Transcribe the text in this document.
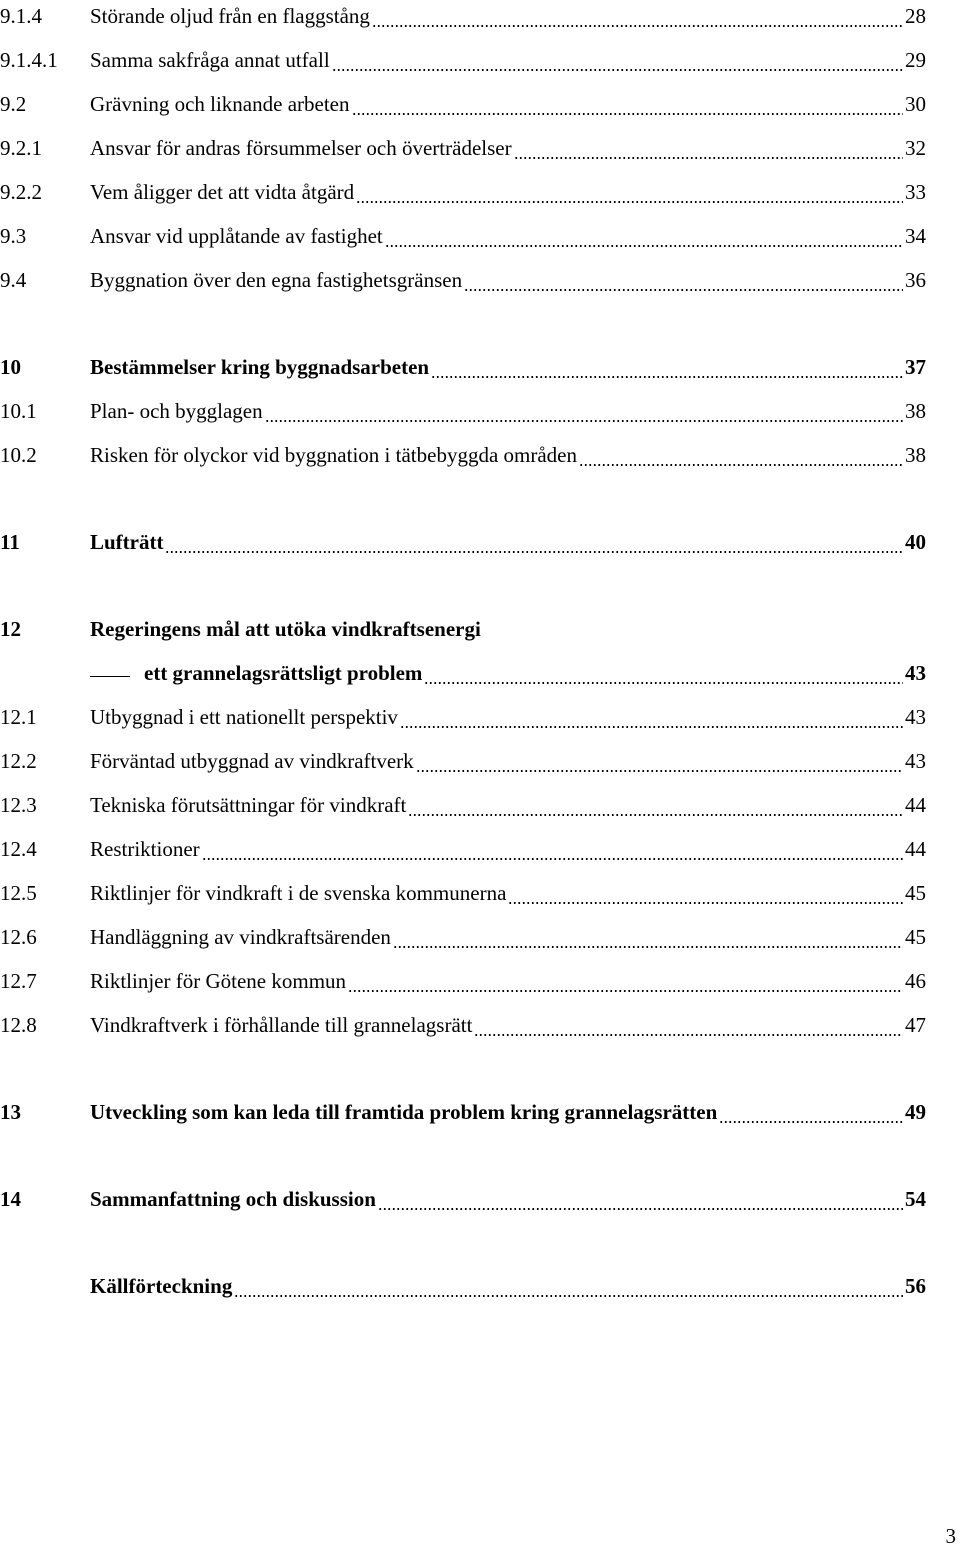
9.1.4	Störande oljud från en flaggstång	28
9.1.4.1	Samma sakfråga annat utfall	29
9.2	Grävning och liknande arbeten	30
9.2.1	Ansvar för andras försummelser och överträdelser	32
9.2.2	Vem åligger det att vidta åtgärd	33
9.3	Ansvar vid upplåtande av fastighet	34
9.4	Byggnation över den egna fastighetsgränsen	36
10	Bestämmelser kring byggnadsarbeten	37
10.1	Plan- och bygglagen	38
10.2	Risken för olyckor vid byggnation i tätbebyggda områden	38
11	Lufträtt	40
12	Regeringens mål att utöka vindkraftsenergi
ett grannelagsrättsligt problem	43
12.1	Utbyggnad i ett nationellt perspektiv	43
12.2	Förväntad utbyggnad av vindkraftverk	43
12.3	Tekniska förutsättningar för vindkraft	44
12.4	Restriktioner	44
12.5	Riktlinjer för vindkraft i de svenska kommunerna	45
12.6	Handläggning av vindkraftsärenden	45
12.7	Riktlinjer för Götene kommun	46
12.8	Vindkraftverk i förhållande till grannelagsrätt	47
13	Utveckling som kan leda till framtida problem kring grannelagsrätten	49
14	Sammanfattning och diskussion	54
Källförteckning	56
3
